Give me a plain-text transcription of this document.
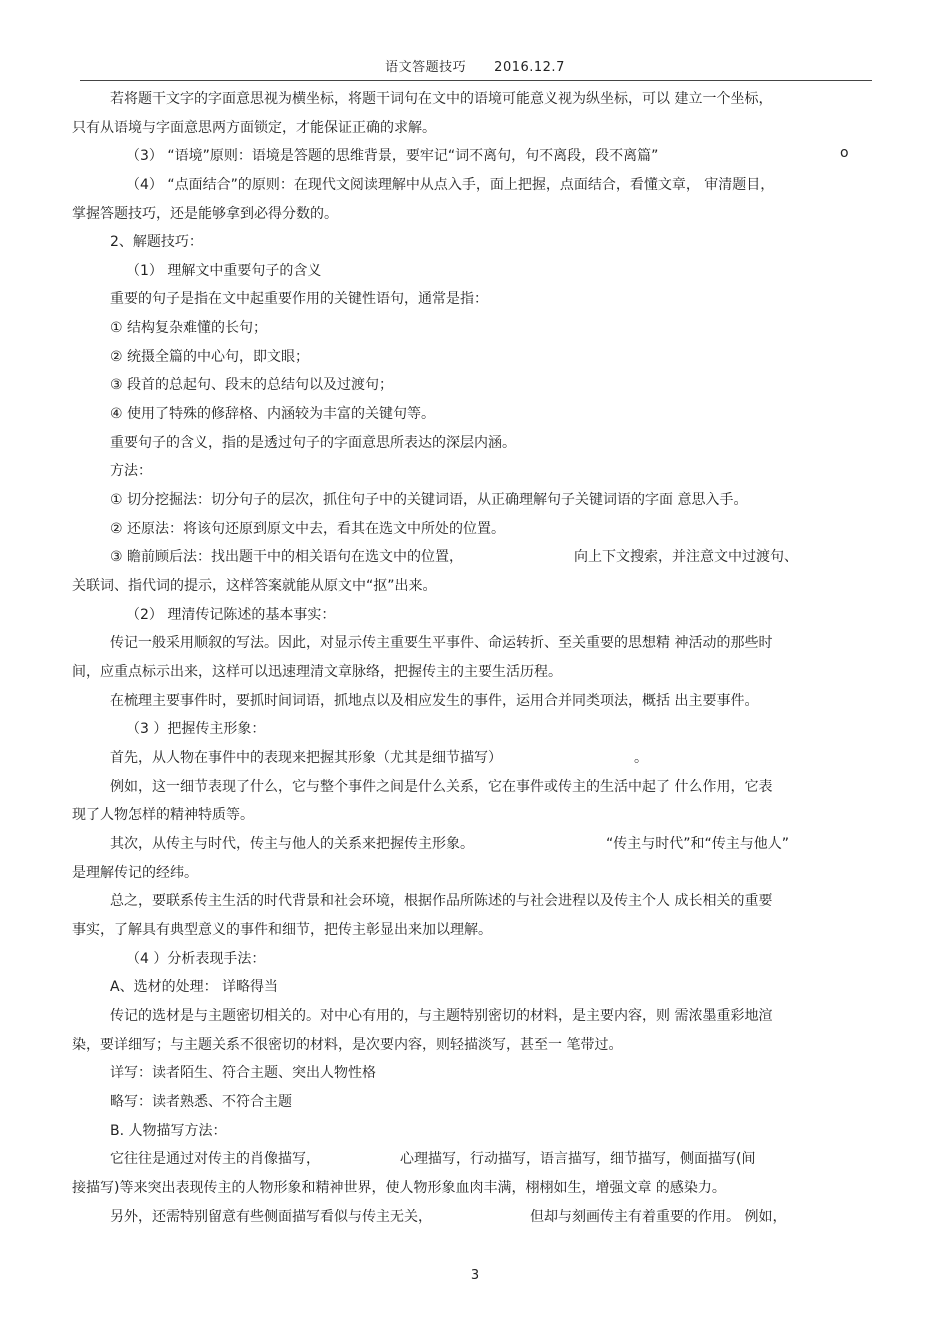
语文答题技巧 2016.12.7
若将题干文字的字面意思视为横坐标，将题干词句在文中的语境可能意义视为纵坐标，可以 建立一个坐标，
只有从语境与字面意思两方面锁定，才能保证正确的求解。
（3） “语境”原则：语境是答题的思维背景，要牢记“词不离句，句不离段，段不离篇”	o
（4） “点面结合”的原则：在现代文阅读理解中从点入手，面上把握，点面结合，看懂文章， 审清题目，
掌握答题技巧，还是能够拿到必得分数的。
2、解题技巧：
（1） 理解文中重要句子的含义
重要的句子是指在文中起重要作用的关键性语句，通常是指：
① 结构复杂难懂的长句；
② 统摄全篇的中心句，即文眼；
③ 段首的总起句、段末的总结句以及过渡句；
④ 使用了特殊的修辞格、内涵较为丰富的关键句等。
重要句子的含义，指的是透过句子的字面意思所表达的深层内涵。
方法：
① 切分挖掘法：切分句子的层次，抓住句子中的关键词语，从正确理解句子关键词语的字面 意思入手。
② 还原法：将该句还原到原文中去，看其在选文中所处的位置。
③ 瞻前顾后法：找出题干中的相关语句在选文中的位置，	向上下文搜索，并注意文中过渡句、
关联词、指代词的提示，这样答案就能从原文中“抠”出来。
（2） 理清传记陈述的基本事实：
传记一般采用顺叙的写法。因此，对显示传主重要生平事件、命运转折、至关重要的思想精 神活动的那些时
间，应重点标示出来，这样可以迅速理清文章脉络，把握传主的主要生活历程。
在梳理主要事件时，要抓时间词语，抓地点以及相应发生的事件，运用合并同类项法，概括 出主要事件。
（3 ）把握传主形象：
首先，从人物在事件中的表现来把握其形象（尤其是细节描写）	。
例如，这一细节表现了什么，它与整个事件之间是什么关系，它在事件或传主的生活中起了 什么作用，它表
现了人物怎样的精神特质等。
其次，从传主与时代，传主与他人的关系来把握传主形象。	“传主与时代”和“传主与他人”
是理解传记的经纬。
总之，要联系传主生活的时代背景和社会环境，根据作品所陈述的与社会进程以及传主个人 成长相关的重要
事实，了解具有典型意义的事件和细节，把传主彰显出来加以理解。
（4 ）分析表现手法：
A、选材的处理： 详略得当
传记的选材是与主题密切相关的。对中心有用的，与主题特别密切的材料，是主要内容，则 需浓墨重彩地渲
染，要详细写；与主题关系不很密切的材料，是次要内容，则轻描淡写，甚至一 笔带过。
详写：读者陌生、符合主题、突出人物性格
略写：读者熟悉、不符合主题
B. 人物描写方法：
它往往是通过对传主的肖像描写，	心理描写，行动描写，语言描写，细节描写，侧面描写(间
接描写)等来突出表现传主的人物形象和精神世界，使人物形象血肉丰满，栩栩如生，增强文章 的感染力。
另外，还需特别留意有些侧面描写看似与传主无关，	但却与刻画传主有着重要的作用。 例如，
3
